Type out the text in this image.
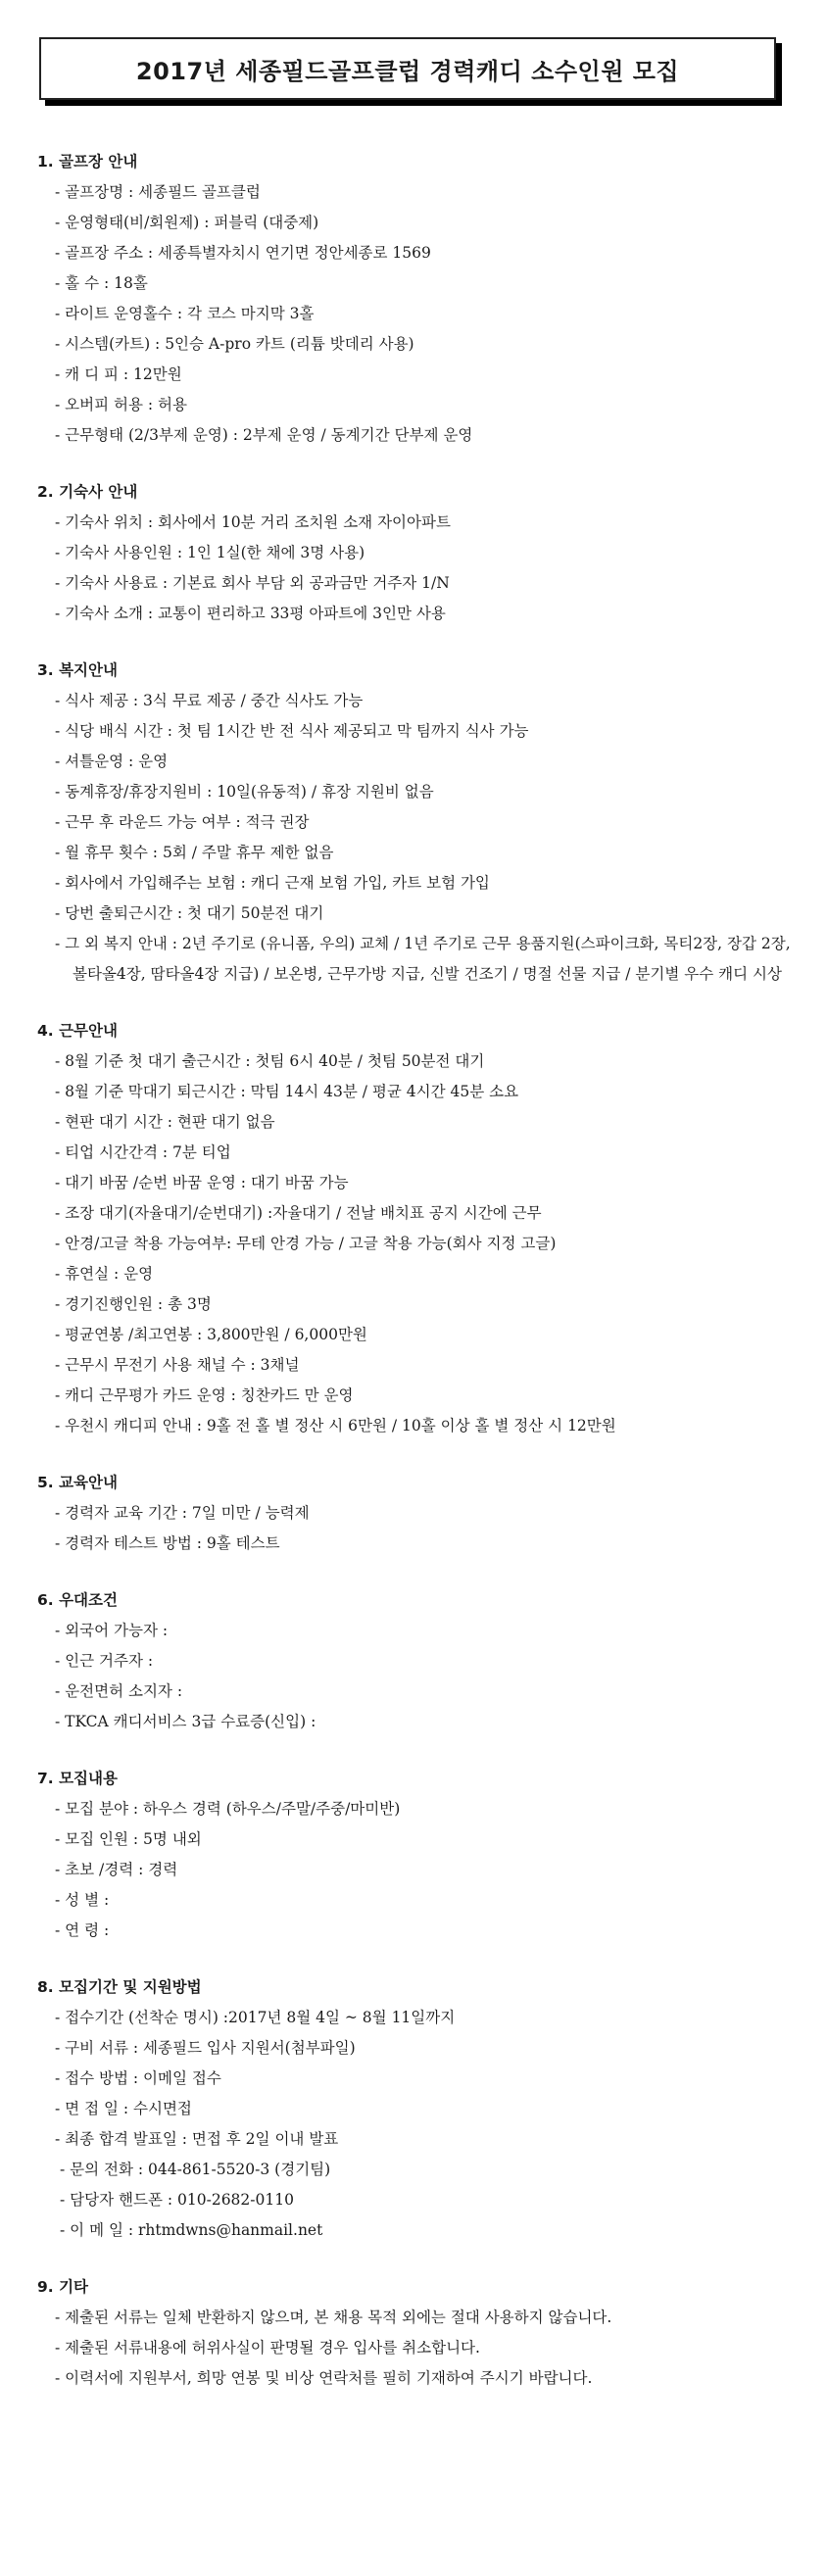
2017년 세종필드골프클럽 경력캐디 소수인원 모집

1. 골프장 안내

- 골프장명 : 세종필드 골프클럽
- 운영형태(비/회원제) : 퍼블릭 (대중제)
- 골프장 주소 : 세종특별자치시 연기면 정안세종로 1569
- 홀 수 : 18홀
- 라이트 운영홀수 : 각 코스 마지막 3홀
- 시스템(카트) : 5인승 A-pro 카트 (리튬 밧데리 사용)
- 캐 디 피 : 12만원
- 오버피 허용 : 허용
- 근무형태 (2/3부제 운영) : 2부제 운영 / 동계기간 단부제 운영

2. 기숙사 안내

- 기숙사 위치 : 회사에서 10분 거리 조치원 소재 자이아파트
- 기숙사 사용인원 : 1인 1실(한 채에 3명 사용)
- 기숙사 사용료 : 기본료 회사 부담 외 공과금만 거주자 1/N
- 기숙사 소개 : 교통이 편리하고 33평 아파트에 3인만 사용

3. 복지안내

- 식사 제공 : 3식 무료 제공 / 중간 식사도 가능
- 식당 배식 시간 : 첫 팀 1시간 반 전 식사 제공되고 막 팀까지 식사 가능
- 셔틀운영 : 운영
- 동계휴장/휴장지원비 : 10일(유동적) / 휴장 지원비 없음
- 근무 후 라운드 가능 여부 : 적극 권장
- 월 휴무 횟수 : 5회 / 주말 휴무 제한 없음
- 회사에서 가입해주는 보험 : 캐디 근재 보험 가입, 카트 보험 가입
- 당번 출퇴근시간 : 첫 대기 50분전 대기
- 그 외 복지 안내 : 2년 주기로 (유니폼, 우의) 교체 / 1년 주기로 근무 용품지원(스파이크화, 목티2장, 장갑 2장, 볼타올4장, 땀타올4장 지급) / 보온병, 근무가방 지급, 신발 건조기 / 명절 선물 지급 / 분기별 우수 캐디 시상

4. 근무안내

- 8월 기준 첫 대기 출근시간 : 첫팀 6시 40분 / 첫팀 50분전 대기
- 8월 기준 막대기 퇴근시간 : 막팀 14시 43분 / 평균 4시간 45분 소요
- 현판 대기 시간 : 현판 대기 없음
- 티업 시간간격 : 7분 티업
- 대기 바꿈 /순번 바꿈 운영 : 대기 바꿈 가능
- 조장 대기(자율대기/순번대기) :자율대기 / 전날 배치표 공지 시간에 근무
- 안경/고글 착용 가능여부: 무테 안경 가능 / 고글 착용 가능(회사 지정 고글)
- 휴연실 : 운영
- 경기진행인원 : 총 3명
- 평균연봉 /최고연봉 : 3,800만원 / 6,000만원
- 근무시 무전기 사용 채널 수 : 3채널
- 캐디 근무평가 카드 운영 : 칭찬카드 만 운영
- 우천시 캐디피 안내 : 9홀 전 홀 별 정산 시 6만원 / 10홀 이상 홀 별 정산 시 12만원

5. 교육안내

- 경력자 교육 기간 : 7일 미만 / 능력제
- 경력자 테스트 방법 : 9홀 테스트

6. 우대조건

- 외국어 가능자 :
- 인근 거주자 :
- 운전면허 소지자 :
- TKCA 캐디서비스 3급 수료증(신입) :

7. 모집내용

- 모집 분야 : 하우스 경력 (하우스/주말/주중/마미반)
- 모집 인원 : 5명 내외
- 초보 /경력 : 경력
- 성 별 :
- 연 령 :

8. 모집기간 및 지원방법

- 접수기간 (선착순 명시) :2017년 8월 4일 ~ 8월 11일까지
- 구비 서류 : 세종필드 입사 지원서(첨부파일)
- 접수 방법 : 이메일 접수
- 면 접 일 : 수시면접
- 최종 합격 발표일 : 면접 후 2일 이내 발표
- 문의 전화 : 044-861-5520-3 (경기팀)
- 담당자 핸드폰 : 010-2682-0110
- 이 메 일 : rhtmdwns@hanmail.net

9. 기타

- 제출된 서류는 일체 반환하지 않으며, 본 채용 목적 외에는 절대 사용하지 않습니다.
- 제출된 서류내용에 허위사실이 판명될 경우 입사를 취소합니다.
- 이력서에 지원부서, 희망 연봉 및 비상 연락처를 필히 기재하여 주시기 바랍니다.
